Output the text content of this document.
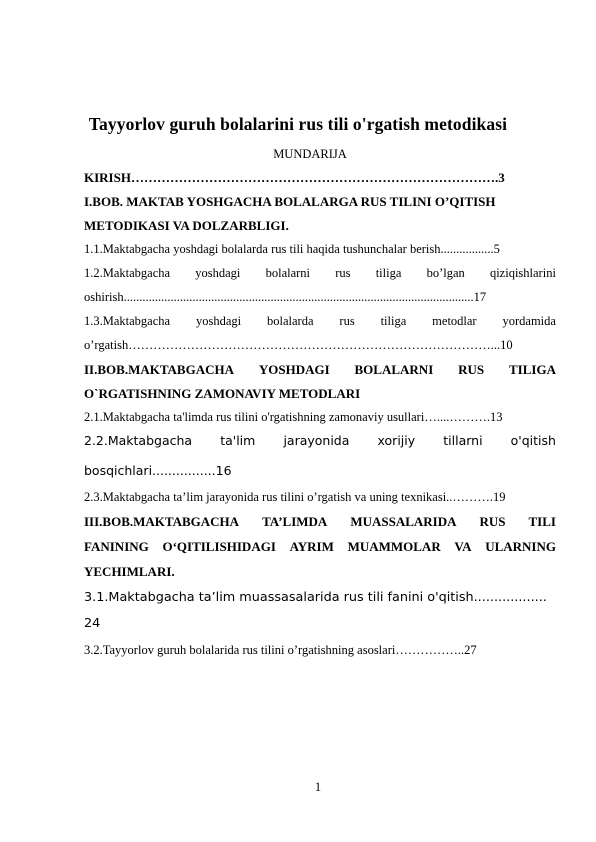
Tayyorlov guruh bolalarini rus tili o'rgatish metodikasi
MUNDARIJA
KIRISH………………………………………………………………………….3
I.BOB. MAKTAB YOSHGACHA BOLALARGA RUS TILINI O’QITISH
METODIKASI VA DOLZARBLIGI.
1.1.Maktabgacha yoshdagi bolalarda rus tili haqida tushunchalar berish.................5
1.2.Maktabgacha yoshdagi bolalarni rus tiliga bo’lgan qiziqishlarini
oshirish................................................................................................................17
1.3.Maktabgacha yoshdagi bolalarda rus tiliga metodlar yordamida
o’rgatish……………………………………………………………………………...10
II.BOB.MAKTABGACHA YOSHDAGI BOLALARNI RUS TILIGA
O`RGATISHNING ZAMONAVIY METODLARI
2.1.Maktabgacha ta'limda rus tilini o'rgatishning zamonaviy usullari…....……….13
2.2.Maktabgacha ta'lim jarayonida xorijiy tillarni o'qitish
bosqichlari................16
2.3.Maktabgacha ta’lim jarayonida rus tilini o’rgatish va uning texnikasi..……….19
III.BOB.MAKTABGACHA TA’LIMDA MUASSALARIDA RUS TILI
FANINING O‘QITILISHIDAGI AYRIM MUAMMOLAR VA ULARNING
YECHIMLARI.
3.1.Maktabgacha ta’lim muassasalarida rus tili fanini o'qitish..................
24
3.2.Tayyorlov guruh bolalarida rus tilini o’rgatishning asoslari……………..27
1
